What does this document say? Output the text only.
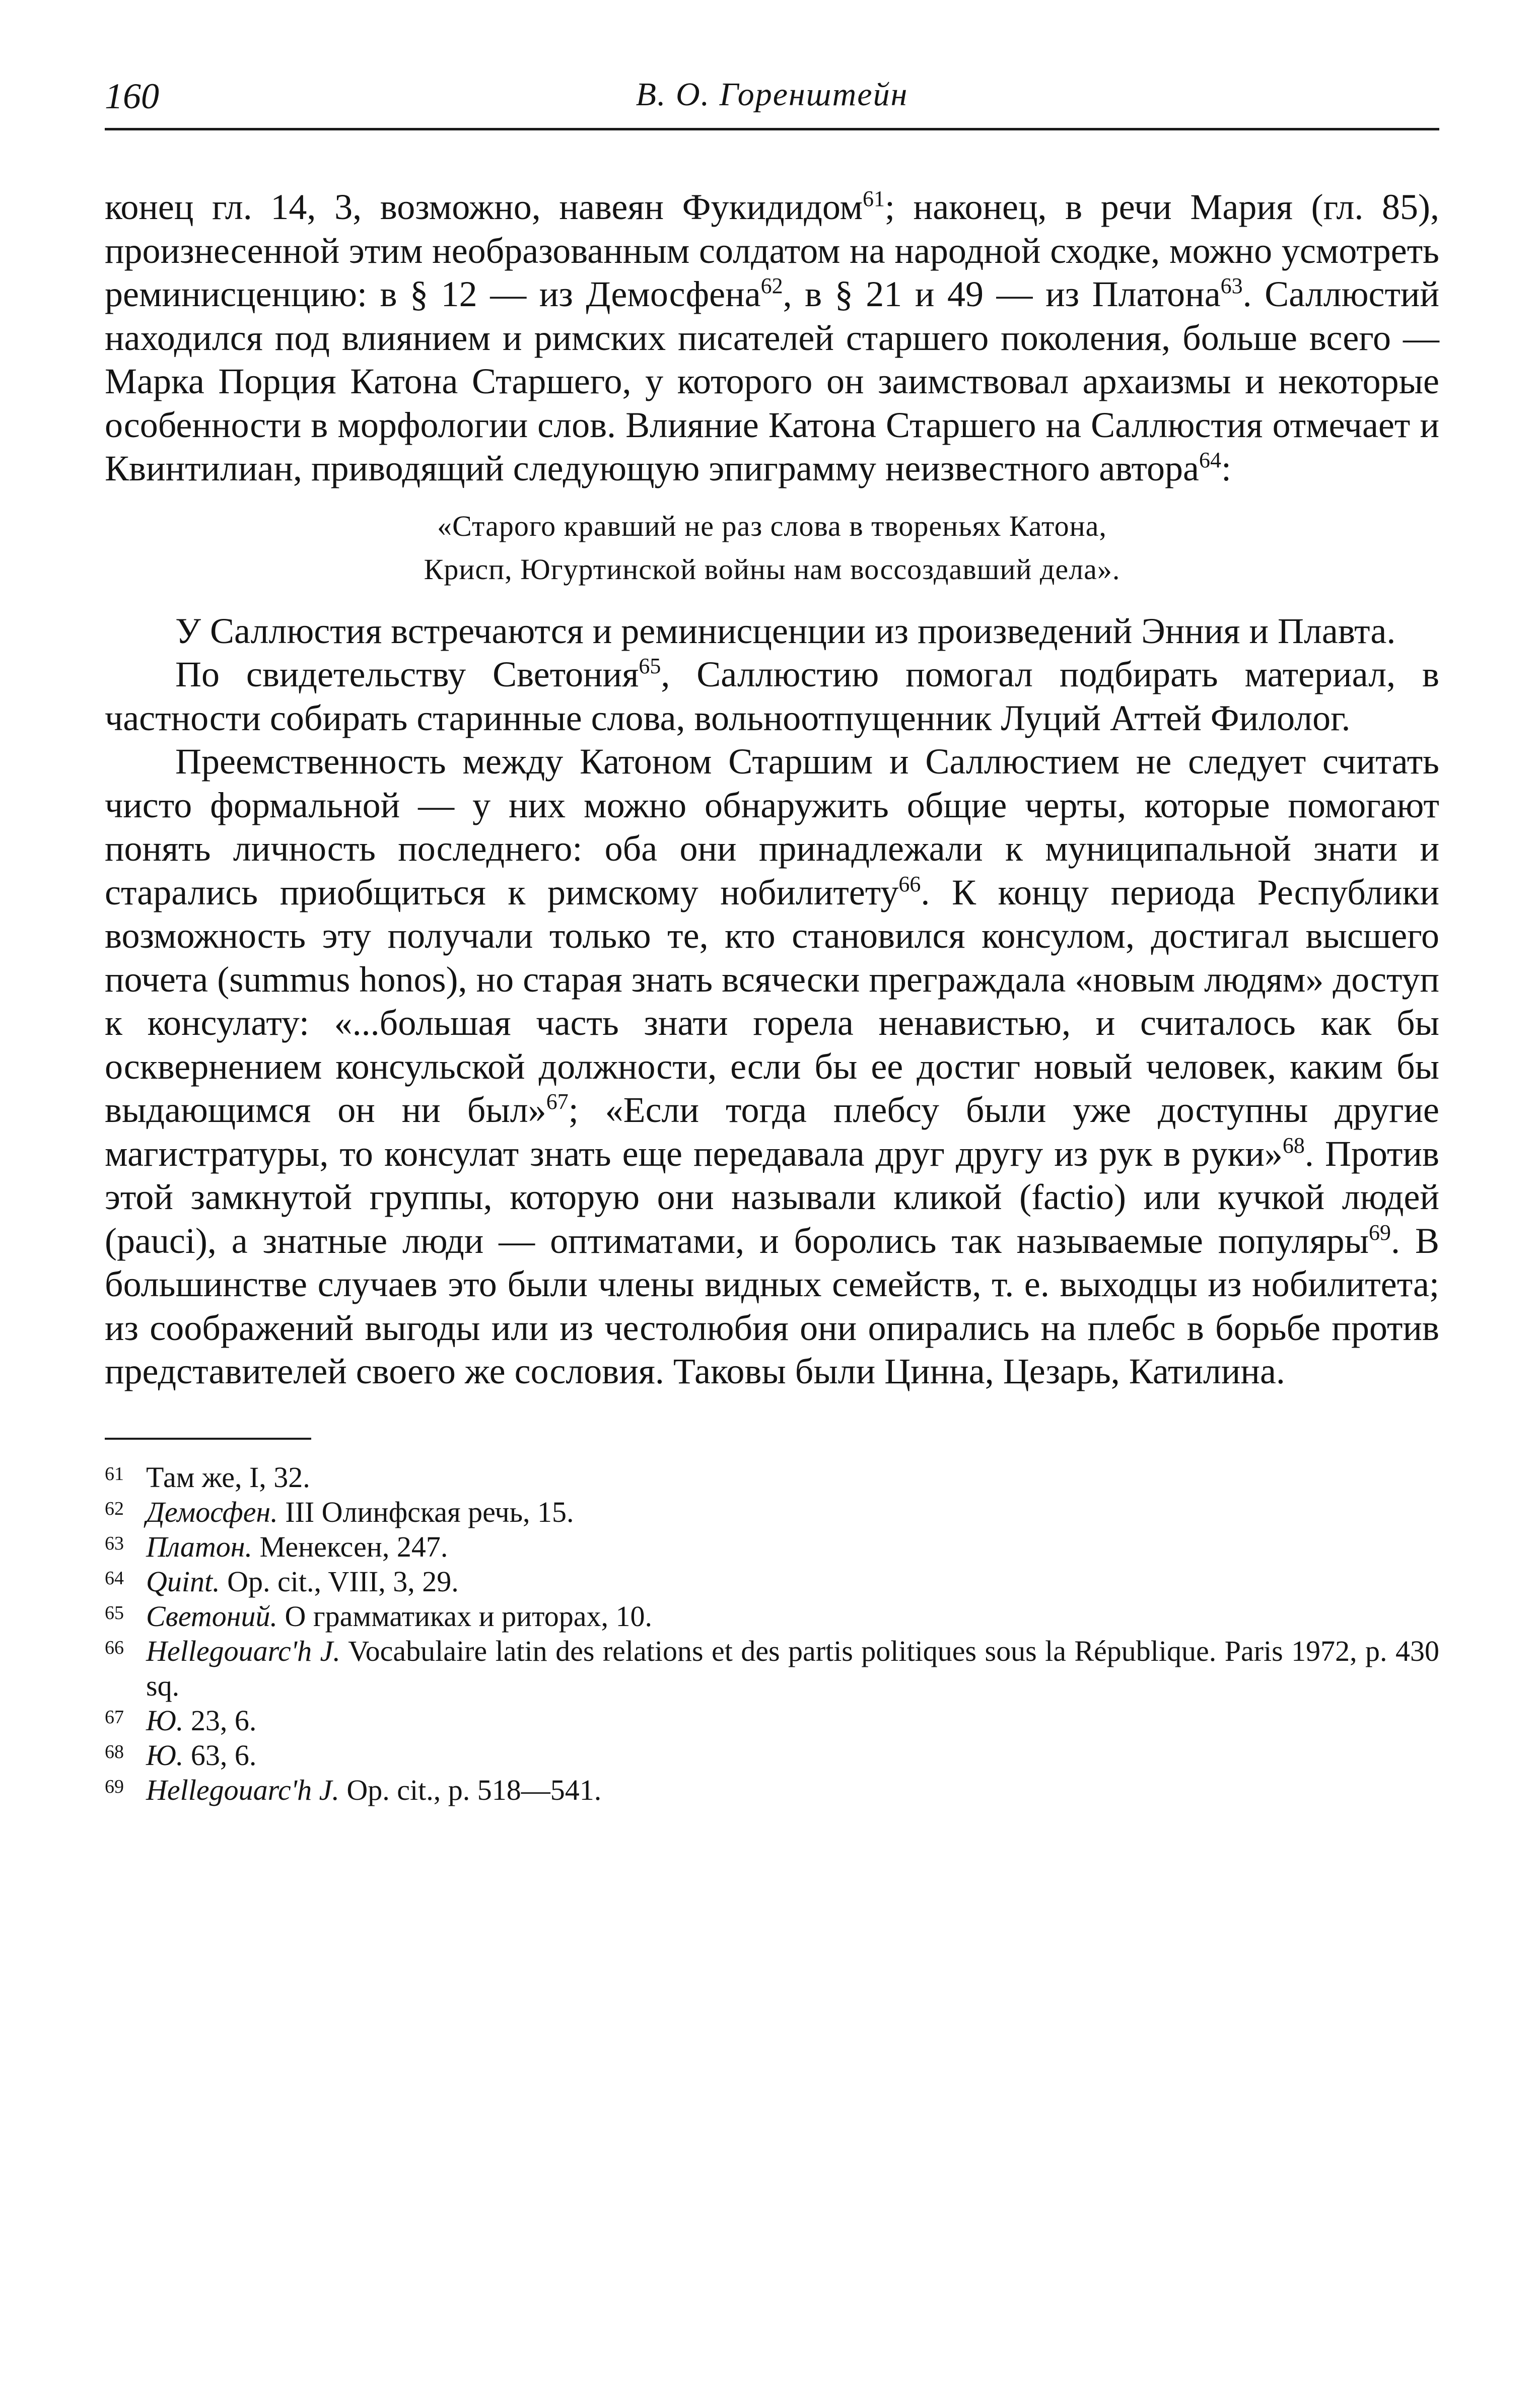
160	В. О. Горенштейн

конец гл. 14, 3, возможно, навеян Фукидидом$^{61}$; наконец, в речи Мария (гл. 85), произнесенной этим необразованным солдатом на народной сходке, можно усмотреть реминисценцию: в § 12 — из Демосфена$^{62}$, в § 21 и 49 — из Платона$^{63}$. Саллюстий находился под влиянием и римских писателей старшего поколения, больше всего — Марка Порция Катона Старшего, у которого он заимствовал архаизмы и некоторые особенности в морфологии слов. Влияние Катона Старшего на Саллюстия отмечает и Квинтилиан, приводящий следующую эпиграмму неизвестного автора$^{64}$:

«Старого кравший не раз слова в твореньях Катона,

Крисп, Югуртинской войны нам воссоздавший дела».

У Саллюстия встречаются и реминисценции из произведений Энния и Плавта.

По свидетельству Светония$^{65}$, Саллюстию помогал подбирать материал, в частности собирать старинные слова, вольноотпущенник Луций Аттей Филолог.

Преемственность между Катоном Старшим и Саллюстием не следует считать чисто формальной — у них можно обнаружить общие черты, которые помогают понять личность последнего: оба они принадлежали к муниципальной знати и старались приобщиться к римскому нобилитету$^{66}$. К концу периода Республики возможность эту получали только те, кто становился консулом, достигал высшего почета (summus honos), но старая знать всячески преграждала «новым людям» доступ к консулату: «...большая часть знати горела ненавистью, и считалось как бы осквернением консульской должности, если бы ее достиг новый человек, каким бы выдающимся он ни был»$^{67}$; «Если тогда плебсу были уже доступны другие магистратуры, то консулат знать еще передавала друг другу из рук в руки»$^{68}$. Против этой замкнутой группы, которую они называли кликой (factio) или кучкой людей (pauci), а знатные люди — оптиматами, и боролись так называемые популяры$^{69}$. В большинстве случаев это были члены видных семейств, т. е. выходцы из нобилитета; из соображений выгоды или из честолюбия они опирались на плебс в борьбе против представителей своего же сословия. Таковы были Цинна, Цезарь, Катилина.

61 Там же, I, 32.

62 Демосфен. III Олинфская речь, 15.

63 Платон. Менексен, 247.

64 Quint. Op. cit., VIII, 3, 29.

65 Светоний. О грамматиках и риторах, 10.

66 Hellegouarc'h J. Vocabulaire latin des relations et des partis politiques sous la République. Paris 1972, p. 430 sq.

67 Ю. 23, 6.

68 Ю. 63, 6.

69 Hellegouarc'h J. Op. cit., p. 518—541.
